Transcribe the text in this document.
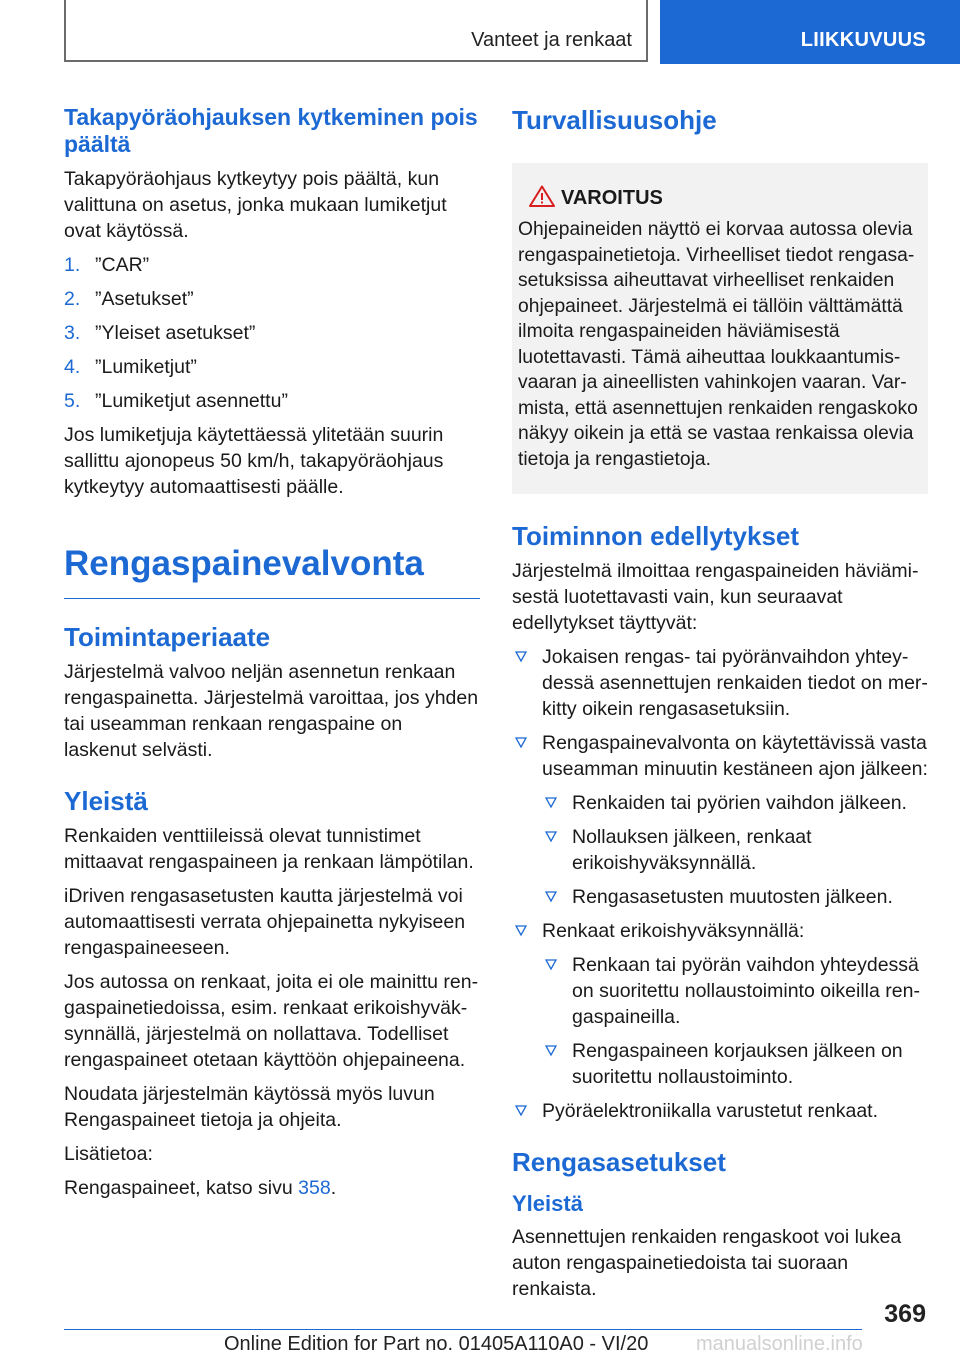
Vanteet ja renkaat	LIIKKUVUUS
Takapyöräohjauksen kytkeminen pois päältä

Takapyöräohjaus kytkeytyy pois päältä, kun valittuna on asetus, jonka mukaan lumiketjut ovat käytössä.

1. ”CAR”
2. ”Asetukset”
3. ”Yleiset asetukset”
4. ”Lumiketjut”
5. ”Lumiketjut asennettu”

Jos lumiketjuja käytettäessä ylitetään suurin sallittu ajonopeus 50 km/h, takapyöräohjaus kytkeytyy automaattisesti päälle.

Rengaspainevalvonta
Toimintaperiaate

Järjestelmä valvoo neljän asennetun renkaan rengaspainetta. Järjestelmä varoittaa, jos yhden tai useamman renkaan rengaspaine on laskenut selvästi.

Yleistä

Renkaiden venttiileissä olevat tunnistimet mittaavat rengaspaineen ja renkaan lämpötilan.

iDriven rengasasetusten kautta järjestelmä voi automaattisesti verrata ohjepainetta nykyiseen rengaspaineeseen.

Jos autossa on renkaat, joita ei ole mainittu rengaspainetiedoissa, esim. renkaat erikoishyväksynnällä, järjestelmä on nollattava. Todelliset rengaspaineet otetaan käyttöön ohjepaineena.

Noudata järjestelmän käytössä myös luvun Rengaspaineet tietoja ja ohjeita.

Lisätietoa:

Rengaspaineet, katso sivu 358.

Turvallisuusohje
VAROITUS

Ohjepaineiden näyttö ei korvaa autossa olevia rengaspainetietoja. Virheelliset tiedot rengasasetuksissa aiheuttavat virheelliset renkaiden ohjepaineet. Järjestelmä ei tällöin välttämättä ilmoita rengaspaineiden häviämisestä luotettavasti. Tämä aiheuttaa loukkaantumisvaaran ja aineellisten vahinkojen vaaran. Varmista, että asennettujen renkaiden rengaskoko näkyy oikein ja että se vastaa renkaissa olevia tietoja ja rengastietoja.

Toiminnon edellytykset

Järjestelmä ilmoittaa rengaspaineiden häviämisestä luotettavasti vain, kun seuraavat edellytykset täyttyvät:

Jokaisen rengas- tai pyöränvaihdon yhteydessä asennettujen renkaiden tiedot on merkitty oikein rengasasetuksiin.
Rengaspainevalvonta on käytettävissä vasta useamman minuutin kestäneen ajon jälkeen:
Renkaiden tai pyörien vaihdon jälkeen.
Nollauksen jälkeen, renkaat erikoishyväksynnällä.
Rengasasetusten muutosten jälkeen.
Renkaat erikoishyväksynnällä:
Renkaan tai pyörän vaihdon yhteydessä on suoritettu nollaustoiminto oikeilla rengaspaineilla.
Rengaspaineen korjauksen jälkeen on suoritettu nollaustoiminto.
Pyöräelektroniikalla varustetut renkaat.
Rengasasetukset
Yleistä

Asennettujen renkaiden rengaskoot voi lukea auton rengaspainetiedoista tai suoraan renkaista.

369
Online Edition for Part no. 01405A110A0 - VI/20 manualsonline.info
